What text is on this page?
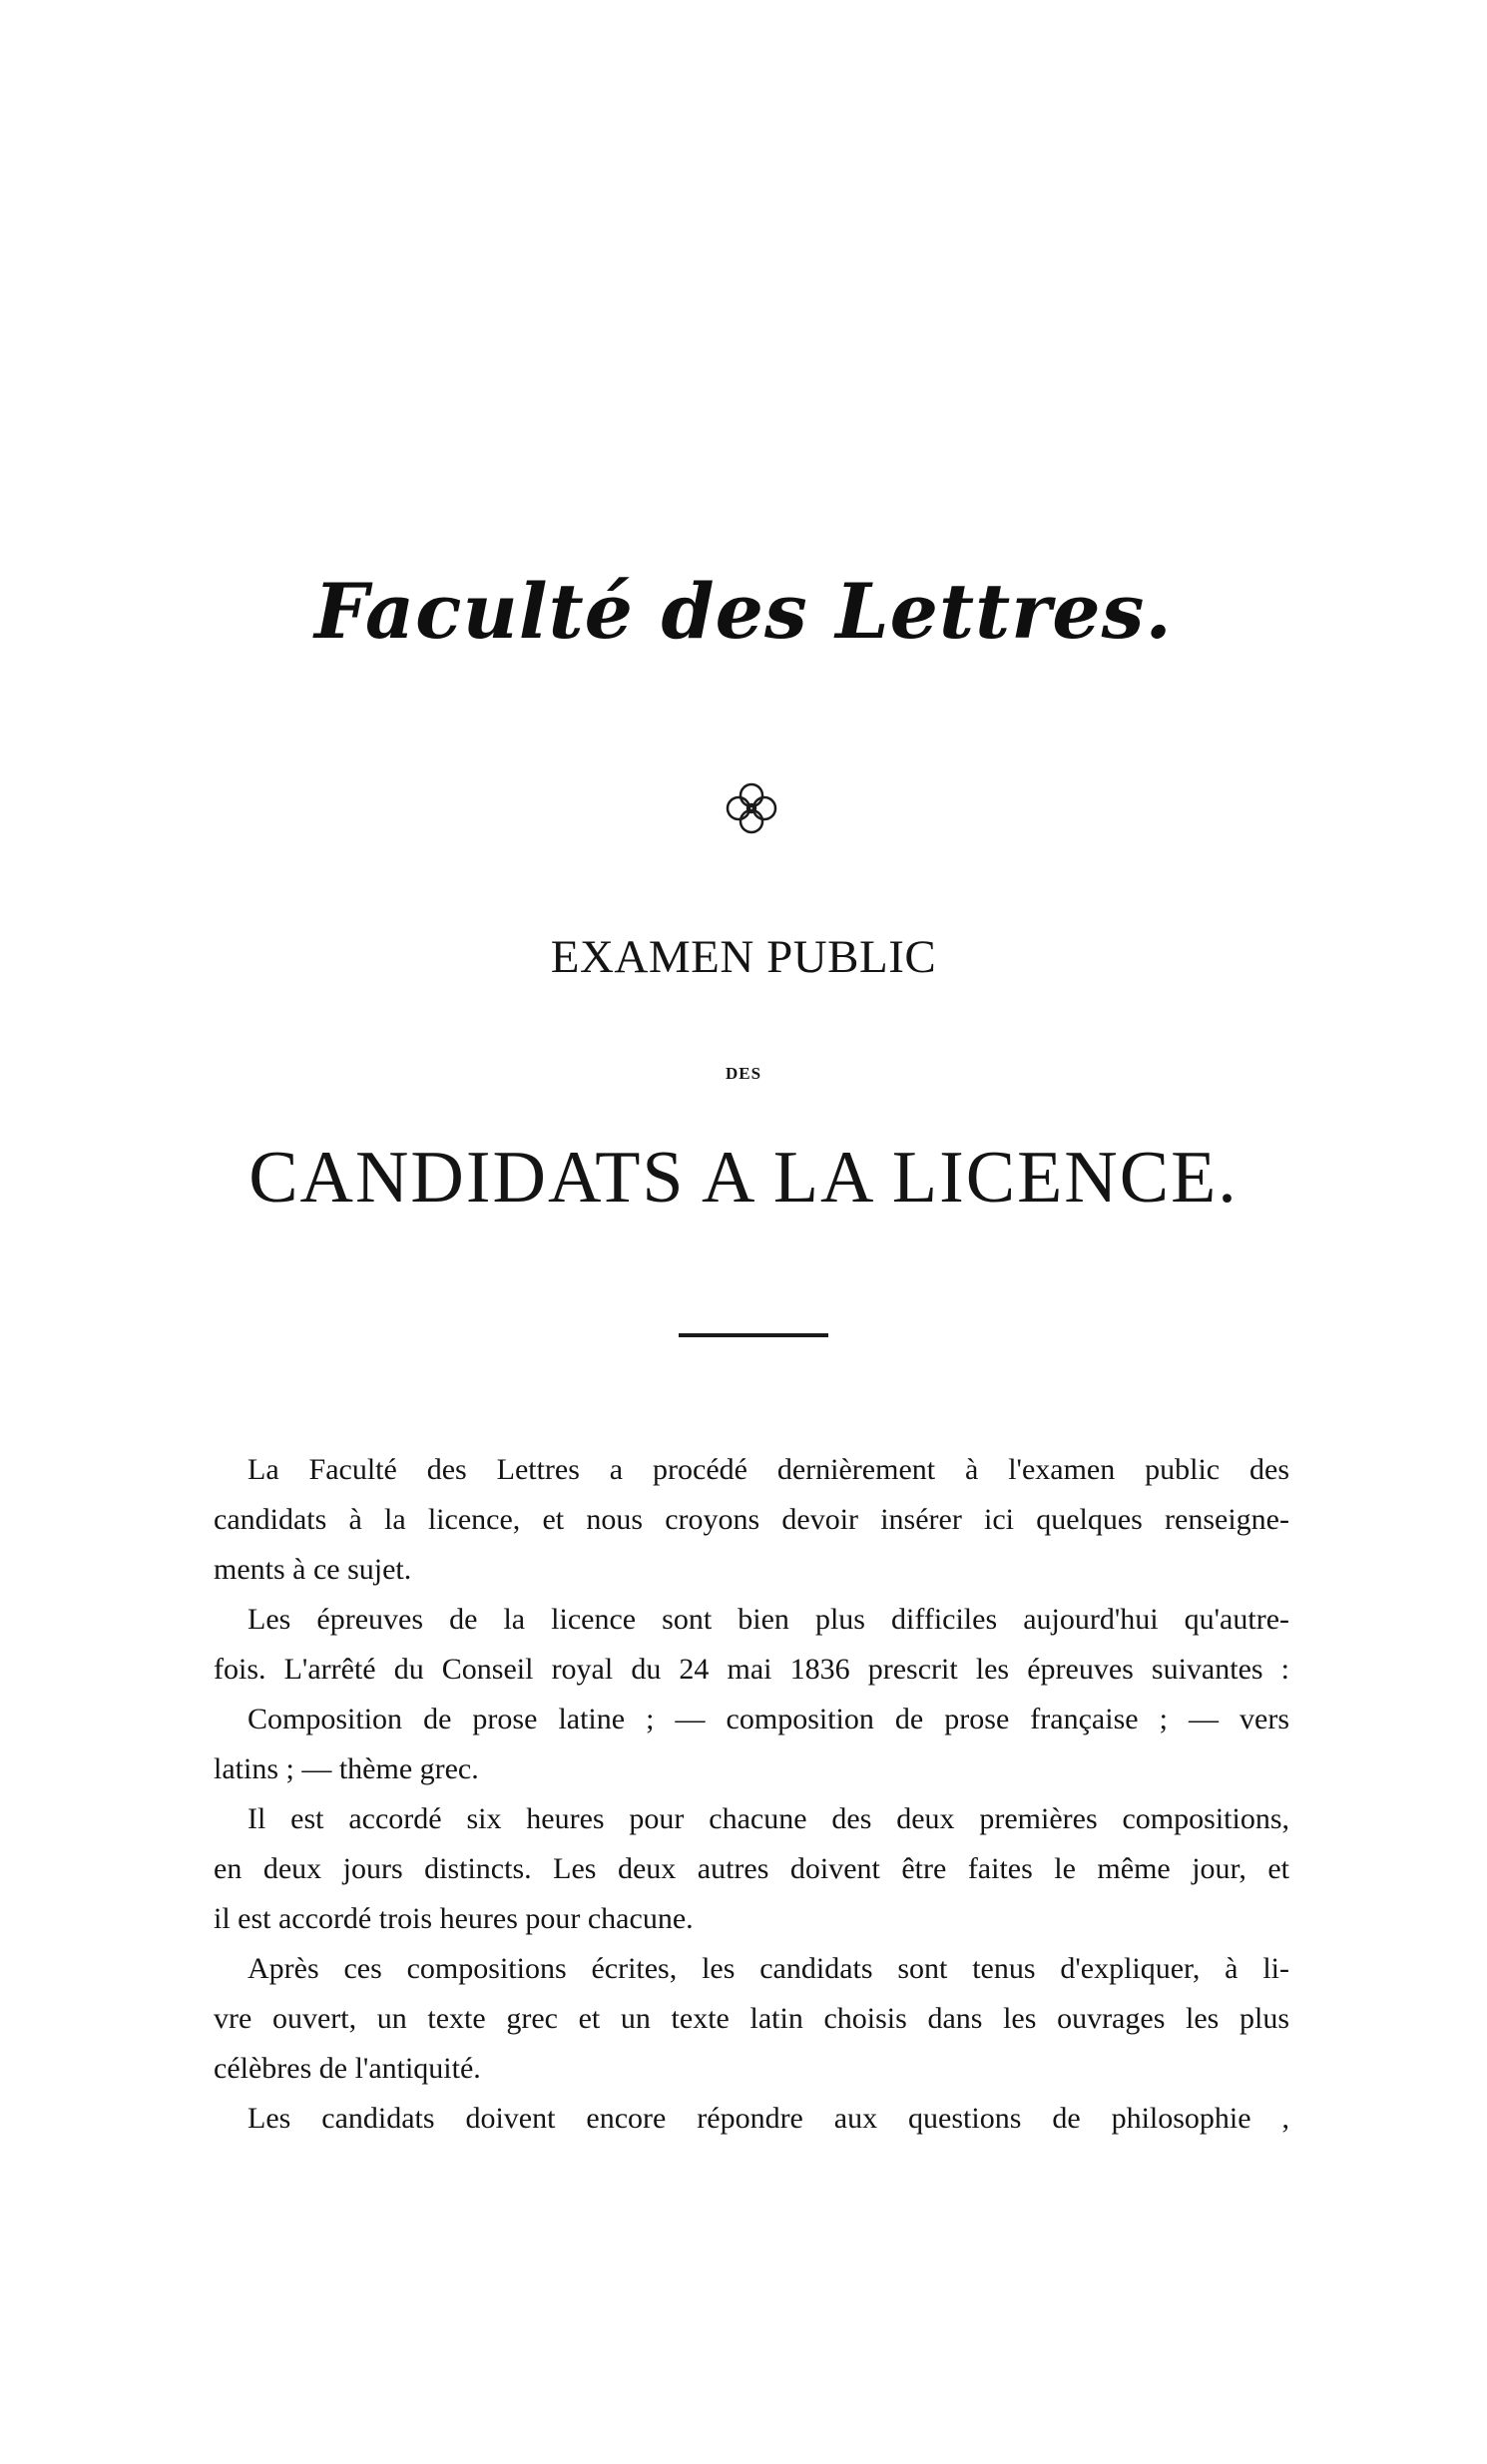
Faculté des Lettres.
EXAMEN PUBLIC
DES
CANDIDATS A LA LICENCE.
La Faculté des Lettres a procédé dernièrement à l'examen public des
candidats à la licence, et nous croyons devoir insérer ici quelques renseigne-
ments à ce sujet.
Les épreuves de la licence sont bien plus difficiles aujourd'hui qu'autre-
fois. L'arrêté du Conseil royal du 24 mai 1836 prescrit les épreuves suivantes :
Composition de prose latine ; — composition de prose française ; — vers
latins ; — thème grec.
Il est accordé six heures pour chacune des deux premières compositions,
en deux jours distincts. Les deux autres doivent être faites le même jour, et
il est accordé trois heures pour chacune.
Après ces compositions écrites, les candidats sont tenus d'expliquer, à li-
vre ouvert, un texte grec et un texte latin choisis dans les ouvrages les plus
célèbres de l'antiquité.
Les candidats doivent encore répondre aux questions de philosophie ,
